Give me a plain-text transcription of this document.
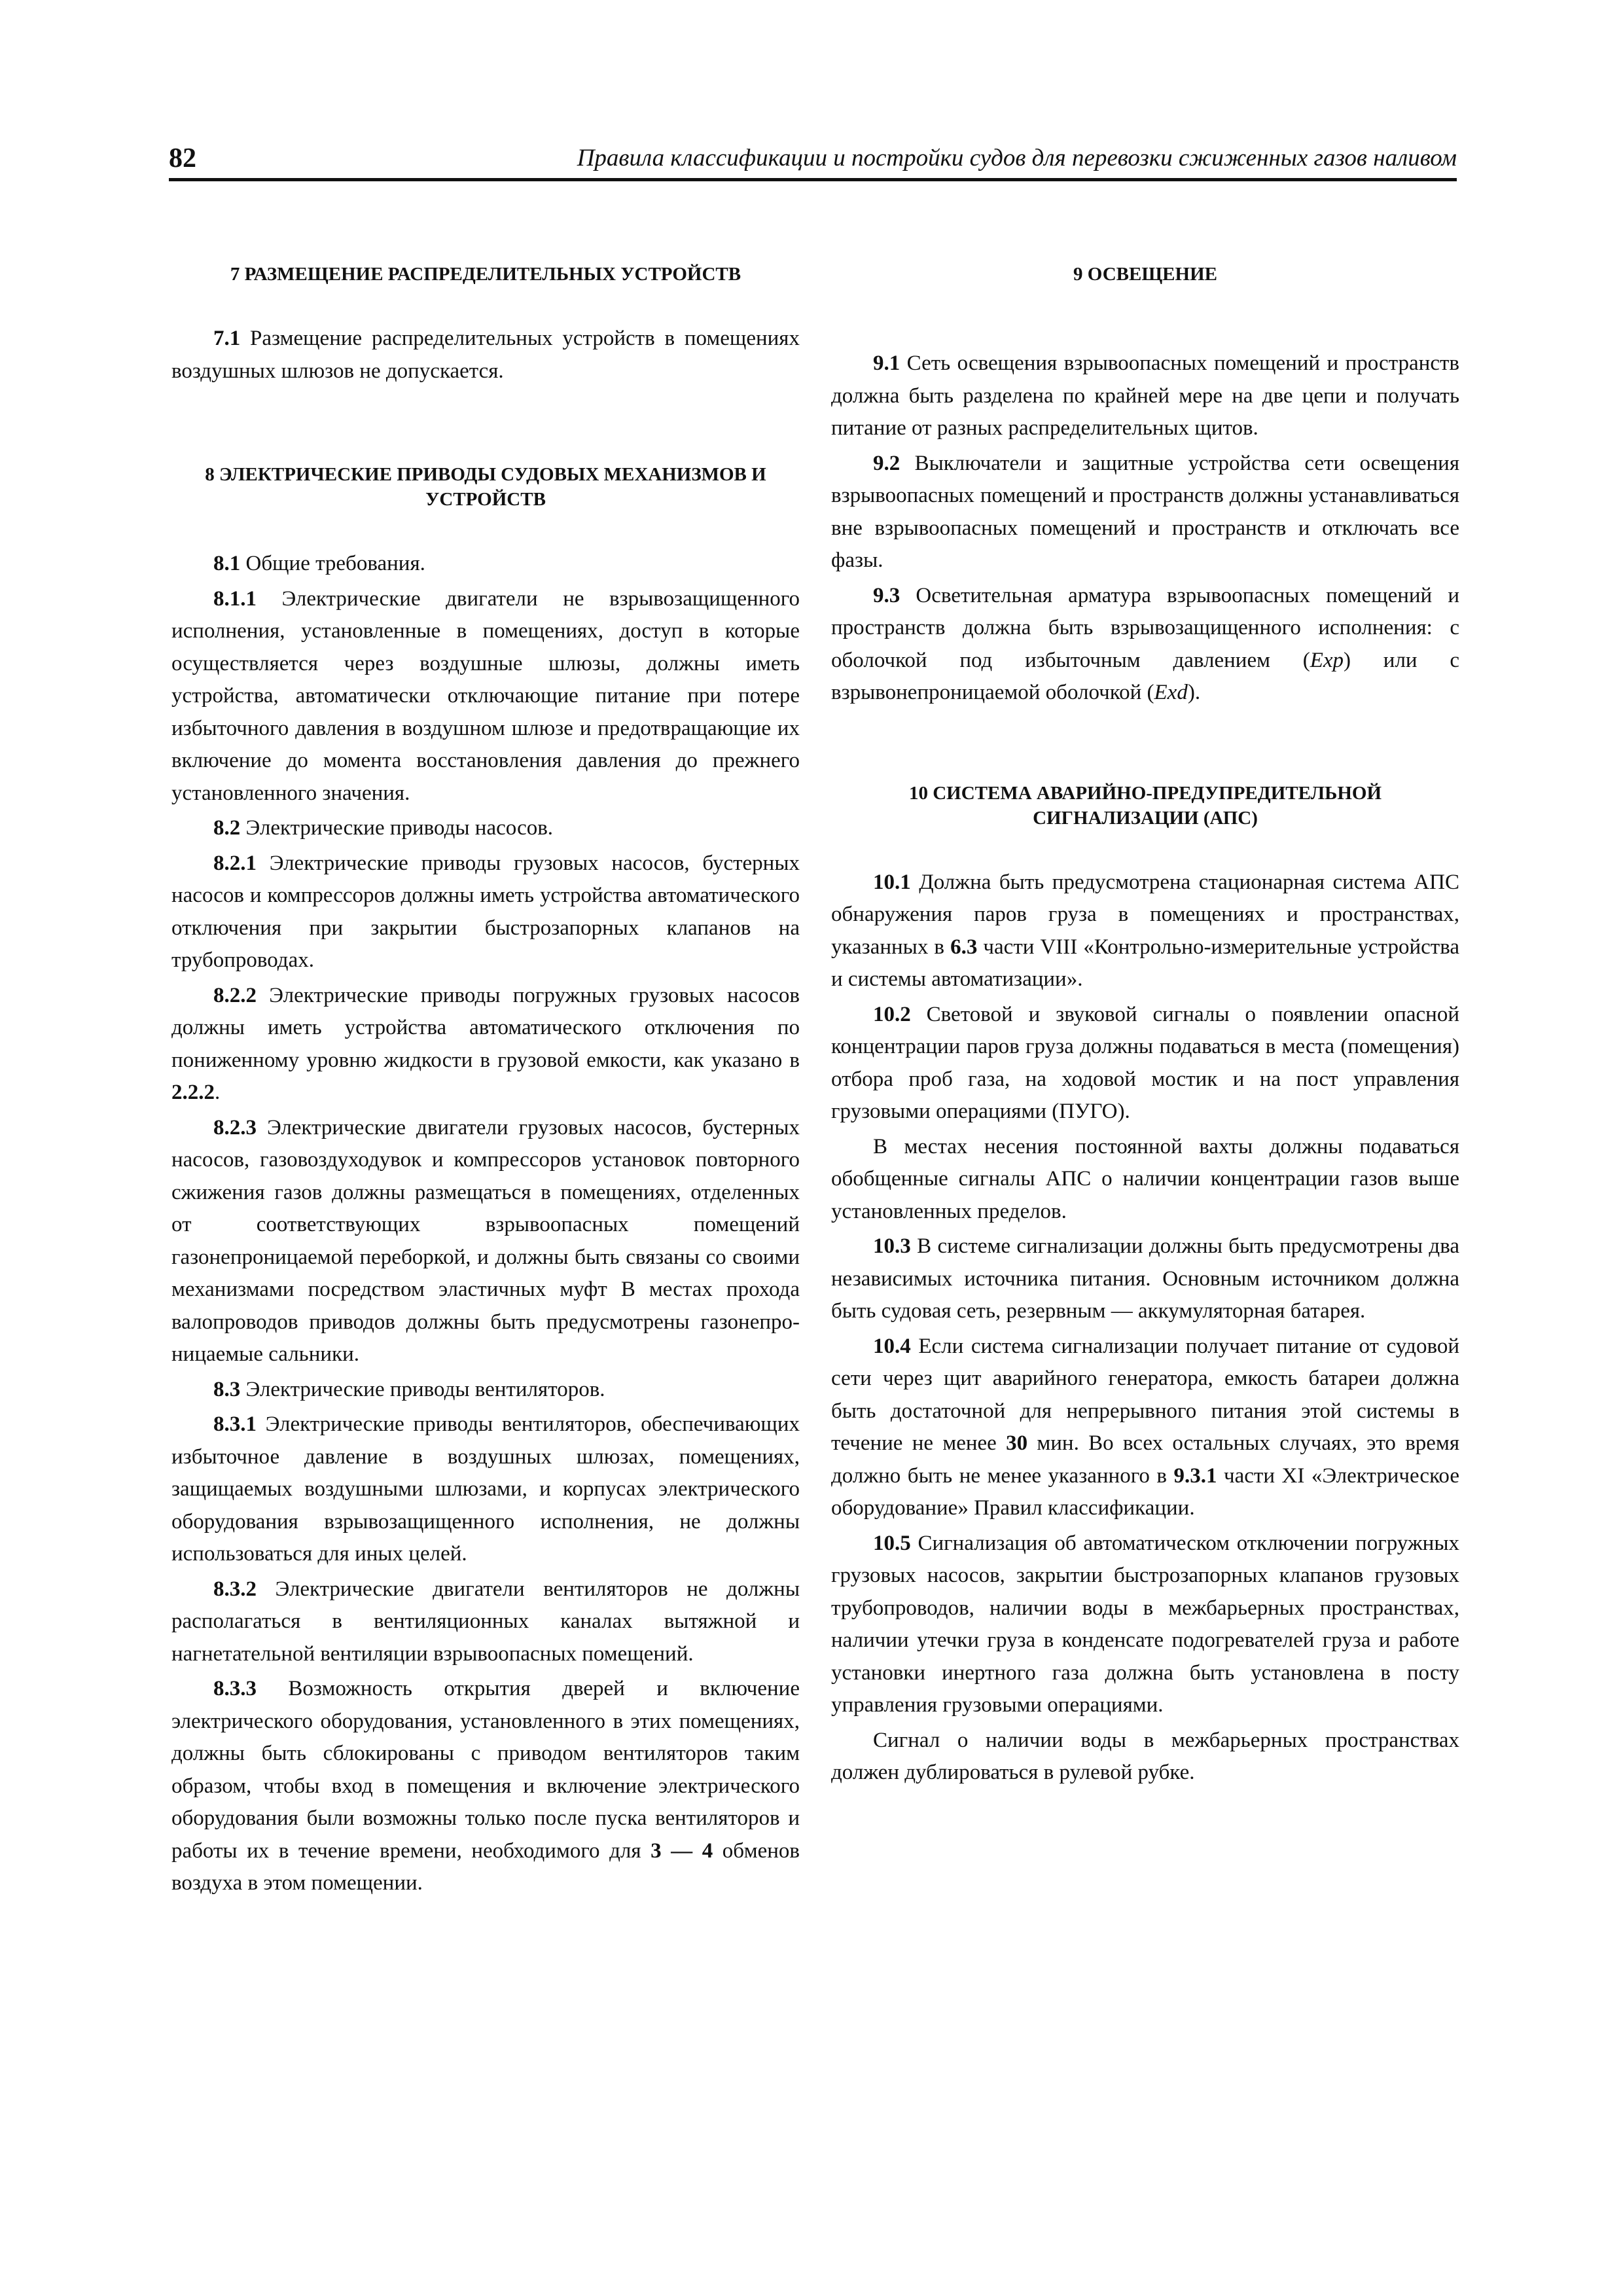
82	Правила классификации и постройки судов для перевозки сжиженных газов наливом

7 РАЗМЕЩЕНИЕ РАСПРЕДЕЛИТЕЛЬНЫХ УСТРОЙСТВ

7.1 Размещение распределительных устройств в помещениях воздушных шлюзов не допускается.

8 ЭЛЕКТРИЧЕСКИЕ ПРИВОДЫ СУДОВЫХ МЕХАНИЗМОВ И УСТРОЙСТВ

8.1 Общие требования.

8.1.1 Электрические двигатели не взрывозащищенного исполнения, установленные в помещениях, доступ в которые осуществляется через воздушные шлюзы, должны иметь устройства, автоматически отключающие питание при потере избыточного давления в воздушном шлюзе и предотвращающие их включение до момента восстановления давления до прежнего установленного значения.

8.2 Электрические приводы насосов.

8.2.1 Электрические приводы грузовых насосов, бустерных насосов и компрессоров должны иметь устройства автоматического отключения при закрытии быстрозапорных клапанов на трубопроводах.

8.2.2 Электрические приводы погружных грузовых насосов должны иметь устройства автоматического отключения по пониженному уровню жидкости в грузовой емкости, как указано в 2.2.2.

8.2.3 Электрические двигатели грузовых насосов, бустерных насосов, газовоздуходувок и компрессоров установок повторного сжижения газов должны размещаться в помещениях, отделенных от соответствующих взрывоопасных помещений газонепроницаемой переборкой, и должны быть связаны со своими механизмами посредством эластичных муфт В местах прохода валопроводов приводов должны быть предусмотрены газонепро-ницаемые сальники.

8.3 Электрические приводы вентиляторов.

8.3.1 Электрические приводы вентиляторов, обеспечивающих избыточное давление в воздушных шлюзах, помещениях, защищаемых воздушными шлюзами, и корпусах электрического оборудования взрывозащищенного исполнения, не должны использоваться для иных целей.

8.3.2 Электрические двигатели вентиляторов не должны располагаться в вентиляционных каналах вытяжной и нагнетательной вентиляции взрывоопасных помещений.

8.3.3 Возможность открытия дверей и включение электрического оборудования, установленного в этих помещениях, должны быть сблокированы с приводом вентиляторов таким образом, чтобы вход в помещения и включение электрического оборудования были возможны только после пуска вентиляторов и работы их в течение времени, необходимого для 3 — 4 обменов воздуха в этом помещении.

9 ОСВЕЩЕНИЕ

9.1 Сеть освещения взрывоопасных помещений и пространств должна быть разделена по крайней мере на две цепи и получать питание от разных распределительных щитов.

9.2 Выключатели и защитные устройства сети освещения взрывоопасных помещений и пространств должны устанавливаться вне взрывоопасных помещений и пространств и отключать все фазы.

9.3 Осветительная арматура взрывоопасных помещений и пространств должна быть взрывозащищенного исполнения: с оболочкой под избыточным давлением (Exp) или с взрывонепроницаемой оболочкой (Exd).

10 СИСТЕМА АВАРИЙНО-ПРЕДУПРЕДИТЕЛЬНОЙ СИГНАЛИЗАЦИИ (АПС)

10.1 Должна быть предусмотрена стационарная система АПС обнаружения паров груза в помещениях и пространствах, указанных в 6.3 части VIII «Контрольно-измерительные устройства и системы автоматизации».

10.2 Световой и звуковой сигналы о появлении опасной концентрации паров груза должны подаваться в места (помещения) отбора проб газа, на ходовой мостик и на пост управления грузовыми операциями (ПУГО).

В местах несения постоянной вахты должны подаваться обобщенные сигналы АПС о наличии концентрации газов выше установленных пределов.

10.3 В системе сигнализации должны быть предусмотрены два независимых источника питания. Основным источником должна быть судовая сеть, резервным — аккумуляторная батарея.

10.4 Если система сигнализации получает питание от судовой сети через щит аварийного генератора, емкость батареи должна быть достаточной для непрерывного питания этой системы в течение не менее 30 мин. Во всех остальных случаях, это время должно быть не менее указанного в 9.3.1 части XI «Электрическое оборудование» Правил классификации.

10.5 Сигнализация об автоматическом отключении погружных грузовых насосов, закрытии быстрозапорных клапанов грузовых трубопроводов, наличии воды в межбарьерных пространствах, наличии утечки груза в конденсате подогревателей груза и работе установки инертного газа должна быть установлена в посту управления грузовыми операциями.

Сигнал о наличии воды в межбарьерных пространствах должен дублироваться в рулевой рубке.
